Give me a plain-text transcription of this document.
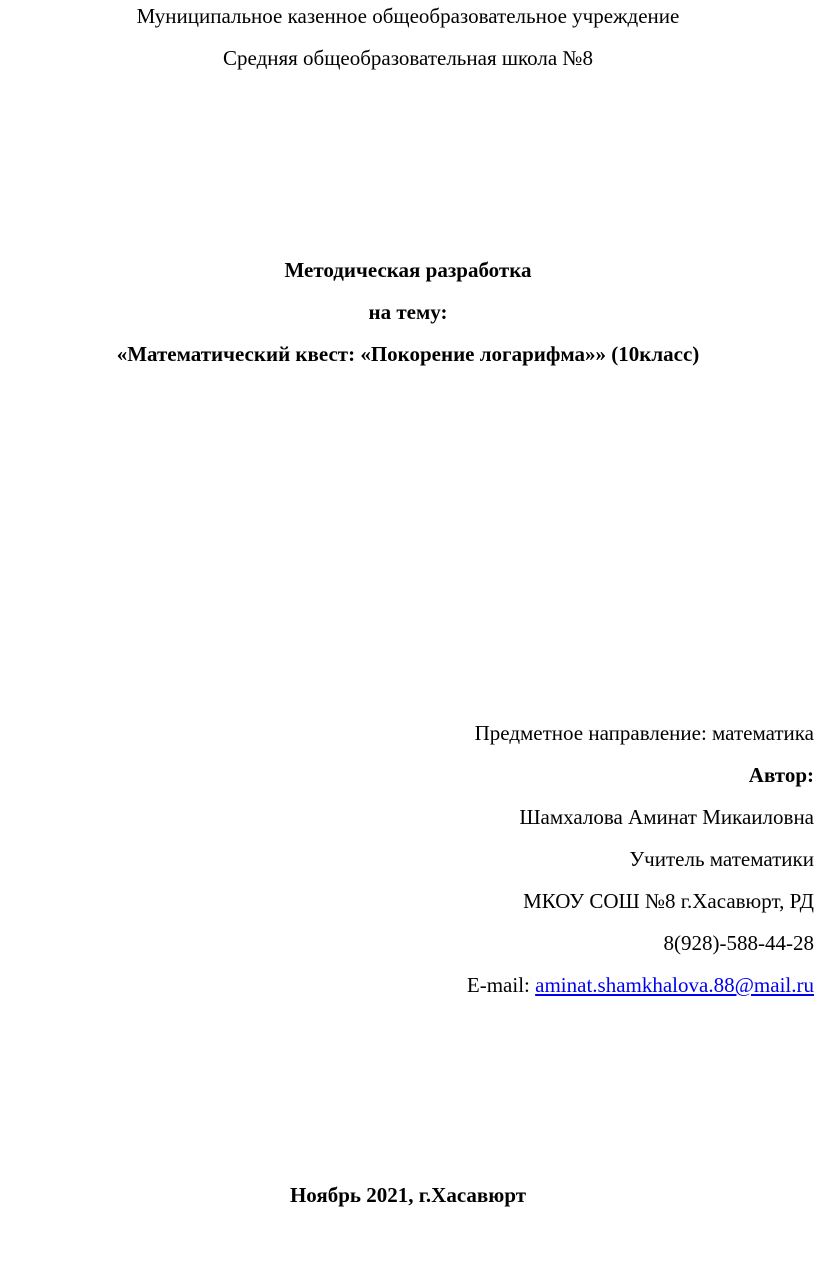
Муниципальное казенное общеобразовательное учреждение
Средняя общеобразовательная школа №8
Методическая разработка
на тему:
«Математический квест: «Покорение логарифма»» (10класс)
Предметное направление: математика
Автор:
Шамхалова Аминат Микаиловна
Учитель математики
МКОУ СОШ №8 г.Хасавюрт, РД
8(928)-588-44-28
E-mail: aminat.shamkhalova.88@mail.ru
Ноябрь 2021, г.Хасавюрт
